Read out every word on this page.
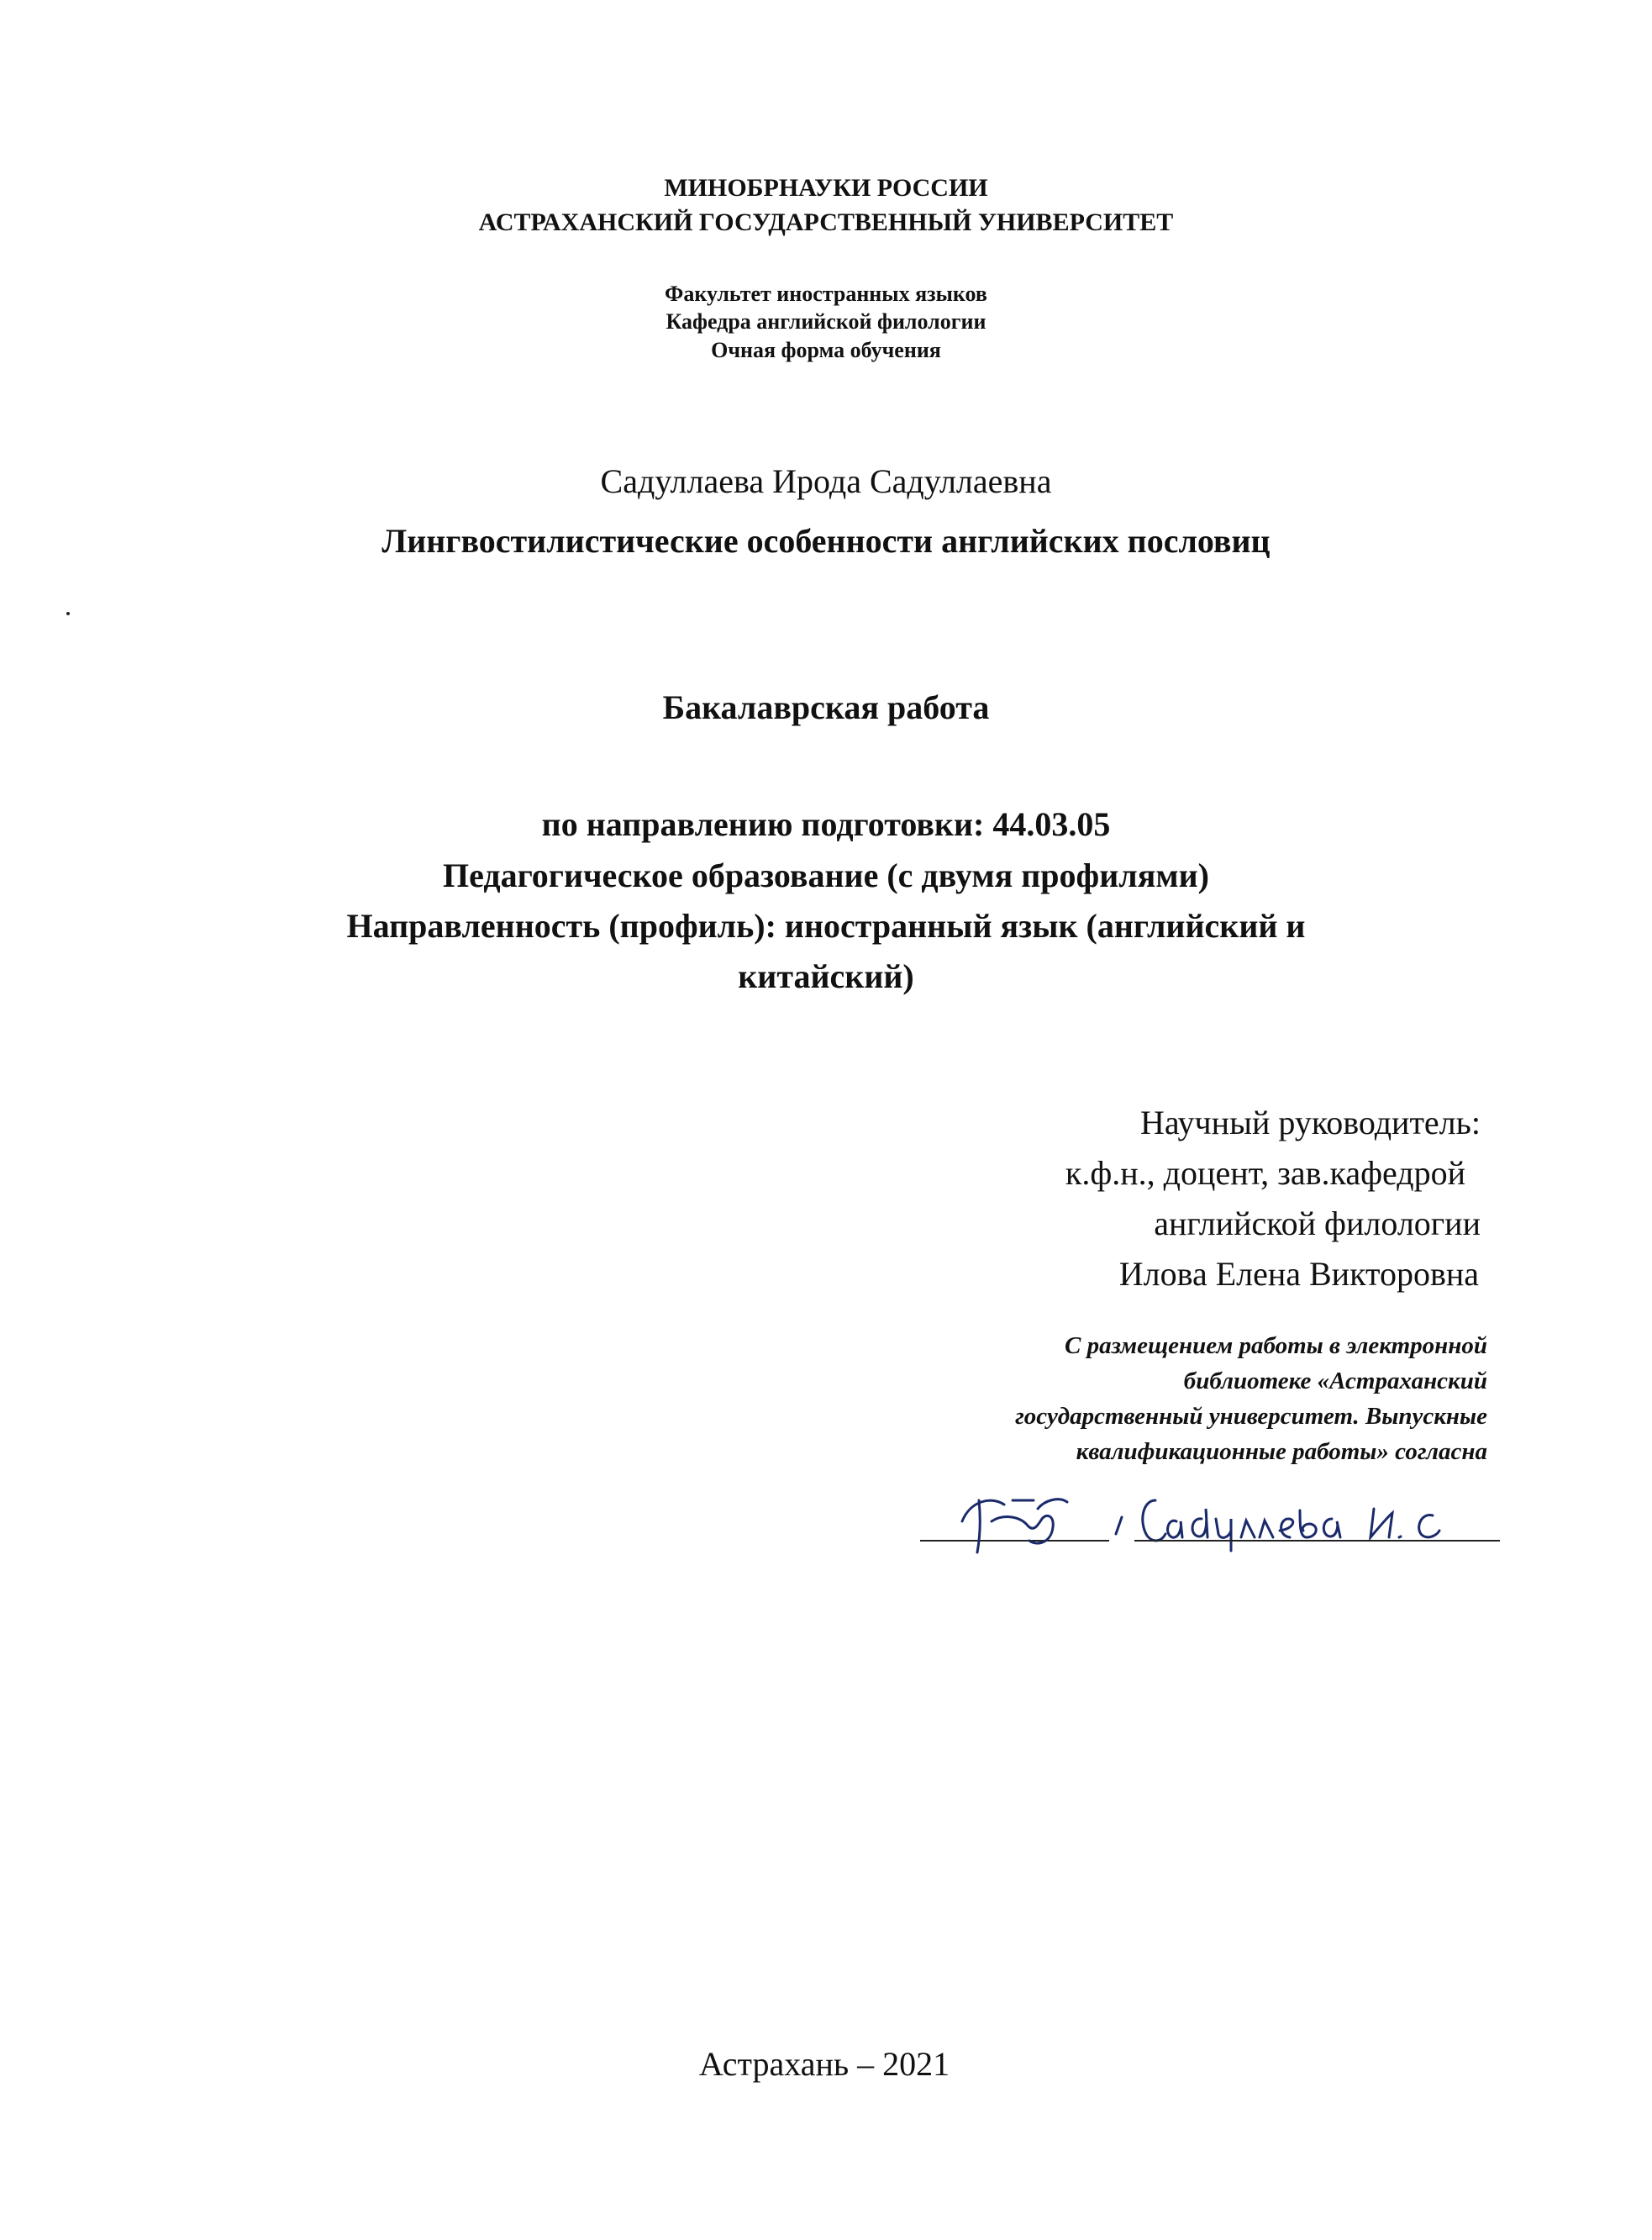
МИНОБРНАУКИ РОССИИ
АСТРАХАНСКИЙ ГОСУДАРСТВЕННЫЙ УНИВЕРСИТЕТ
Факультет иностранных языков
Кафедра английской филологии
Очная форма обучения
Садуллаева Ирода Садуллаевна
Лингвостилистические особенности английских пословиц
Бакалаврская работа
по направлению подготовки: 44.03.05
Педагогическое образование (с двумя профилями)
Направленность (профиль): иностранный язык (английский и
китайский)
Научный руководитель:
к.ф.н., доцент, зав.кафедрой
английской филологии
Илова Елена Викторовна
С размещением работы в электронной
библиотеке «Астраханский
государственный университет. Выпускные
квалификационные работы» согласна
Астрахань – 2021
